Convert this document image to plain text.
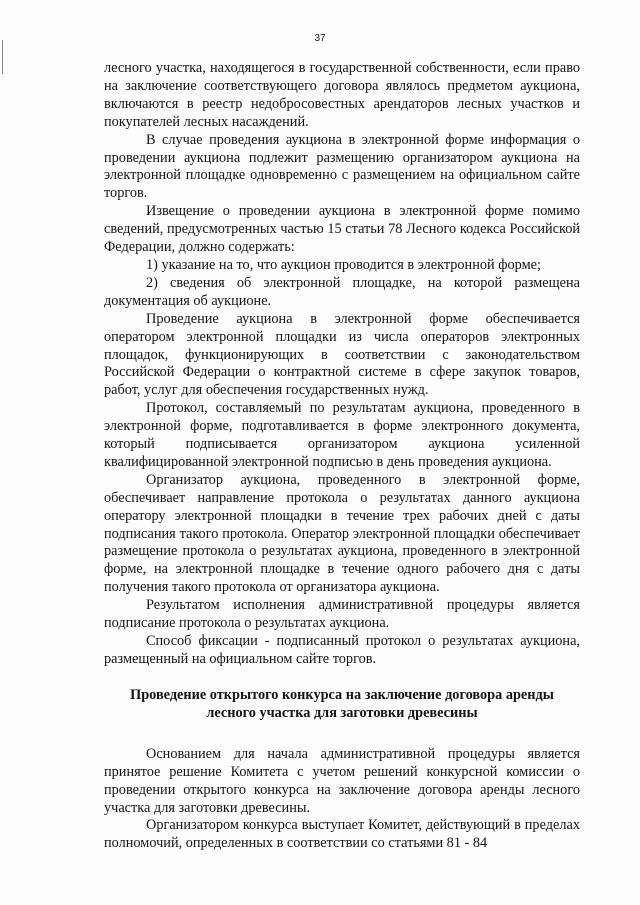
37

лесного участка, находящегося в государственной собственности, если право на заключение соответствующего договора являлось предметом аукциона, включаются в реестр недобросовестных арендаторов лесных участков и покупателей лесных насаждений.

В случае проведения аукциона в электронной форме информация о проведении аукциона подлежит размещению организатором аукциона на электронной площадке одновременно с размещением на официальном сайте торгов.

Извещение о проведении аукциона в электронной форме помимо сведений, предусмотренных частью 15 статьи 78 Лесного кодекса Российской Федерации, должно содержать:

1) указание на то, что аукцион проводится в электронной форме;

2) сведения об электронной площадке, на которой размещена документация об аукционе.

Проведение аукциона в электронной форме обеспечивается оператором электронной площадки из числа операторов электронных площадок, функционирующих в соответствии с законодательством Российской Федерации о контрактной системе в сфере закупок товаров, работ, услуг для обеспечения государственных нужд.

Протокол, составляемый по результатам аукциона, проведенного в электронной форме, подготавливается в форме электронного документа, который подписывается организатором аукциона усиленной квалифицированной электронной подписью в день проведения аукциона.

Организатор аукциона, проведенного в электронной форме, обеспечивает направление протокола о результатах данного аукциона оператору электронной площадки в течение трех рабочих дней с даты подписания такого протокола. Оператор электронной площадки обеспечивает размещение протокола о результатах аукциона, проведенного в электронной форме, на электронной площадке в течение одного рабочего дня с даты получения такого протокола от организатора аукциона.

Результатом исполнения административной процедуры является подписание протокола о результатах аукциона.

Способ фиксации - подписанный протокол о результатах аукциона, размещенный на официальном сайте торгов.

Проведение открытого конкурса на заключение договора аренды
лесного участка для заготовки древесины

Основанием для начала административной процедуры является принятое решение Комитета с учетом решений конкурсной комиссии о проведении открытого конкурса на заключение договора аренды лесного участка для заготовки древесины.

Организатором конкурса выступает Комитет, действующий в пределах полномочий, определенных в соответствии со статьями 81 - 84
